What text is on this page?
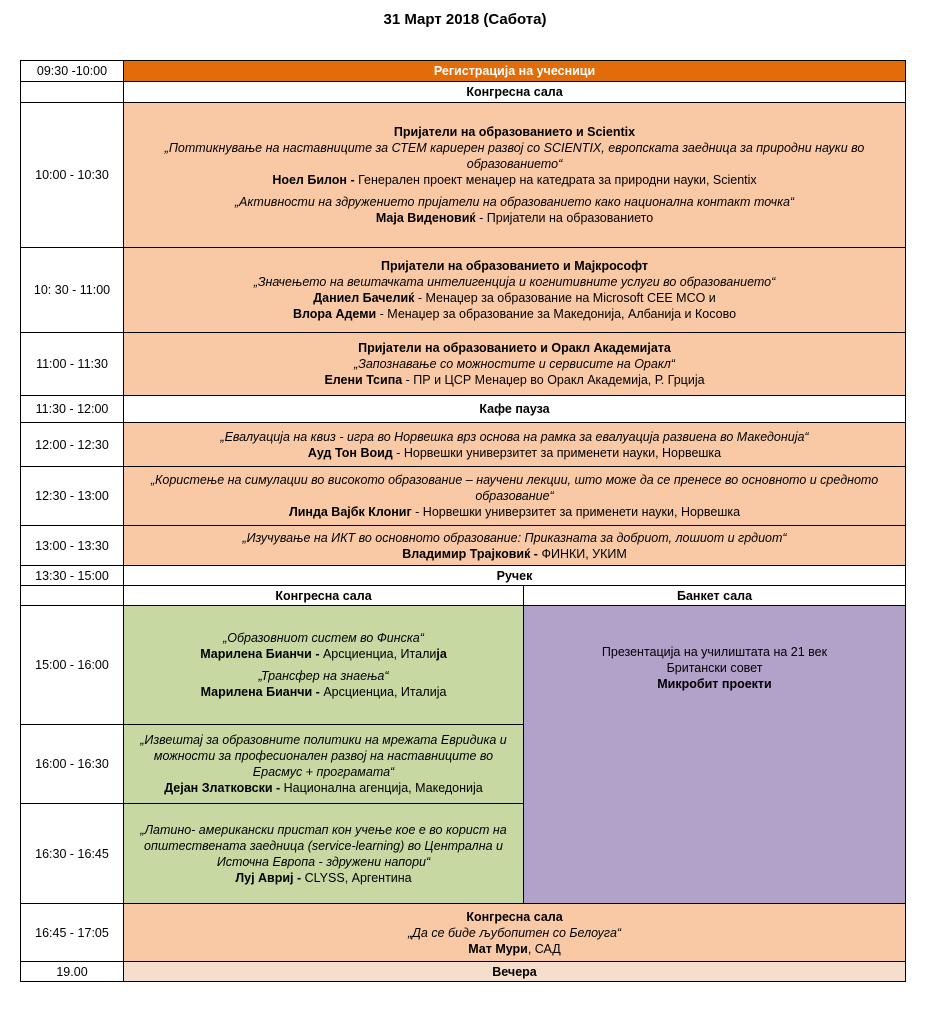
31 Март 2018 (Сабота)
09:30 -10:00	Регистрација на учесници	
	Конгресна сала	
10:00 - 10:30	Пријатели на образованието и Scientix
„Поттикнување на наставниците за СТЕМ кариерен развој со SCIENTIX, европската заедница за природни науки во образованието“
Ноел Билон - Генерален проект менаџер на катедрата за природни науки, Scientix
„Активности на здружението пријатели на образованието како национална контакт точка“
Маја Виденовиќ - Пријатели на образованието	

10: 30 - 11:00	Пријатели на образованието и Мајкрософт
„Значењето на вештачката интелигенција и когнитивните услуги во образованието“
Даниел Бачелиќ - Менаџер за образование на Microsoft CEE MCO и
Влора Адеми - Менаџер за образование за Македонија, Албанија и Косово	

11:00 - 11:30	Пријатели на образованието и Оракл Академијата
„Запознавање со можностите и сервисите на Оракл“
Елени Тсипа - ПР и ЦСР Менаџер во Оракл Академија, Р. Грција	

11:30 - 12:00	Кафе пауза	
12:00 - 12:30	„Евалуација на квиз - игра во Норвешка врз основа на рамка за евалуација развиена во Македонија“
Ауд Тон Воид - Норвешки универзитет за применети науки, Норвешка	

12:30 - 13:00	„Користење на симулации во високото образование – научени лекции, што може да се пренесе во основното и средното образование“
Линда Вајбк Клониг - Норвешки универзитет за применети науки, Норвешка	

13:00 - 13:30	„Изучување на ИКТ во основното образование: Приказната за добриот, лошиот и грдиот“
Владимир Трајковиќ - ФИНКИ, УКИМ	

13:30 - 15:00	Ручек	
	Конгресна сала	Банкет сала
15:00 - 16:00	„Образовниот систем во Финска“
Марилена Бианчи - Арсциенциа, Италија
„Трансфер на знаења“
Марилена Бианчи - Арсциенциа, Италија	Презентација на училиштата на 21 век
Британски совет
Микробит проекти

16:00 - 16:30	„Извештај за образовните политики на мрежата Евридика и можности за професионален развој на наставниците во Ерасмус + програмата“
Дејан Златковски - Национална агенција, Македонија	

16:30 - 16:45	„Латино- американски пристап кон учење кое е во корист на општествената заедница (service-learning) во Централна и Источна Европа - здружени напори“
Луј Авриј - CLYSS, Аргентина	

16:45 - 17:05	Конгресна сала
„Да се биде љубопитен со Белоуга“
Мат Мури, САД	

19.00	Вечера	
